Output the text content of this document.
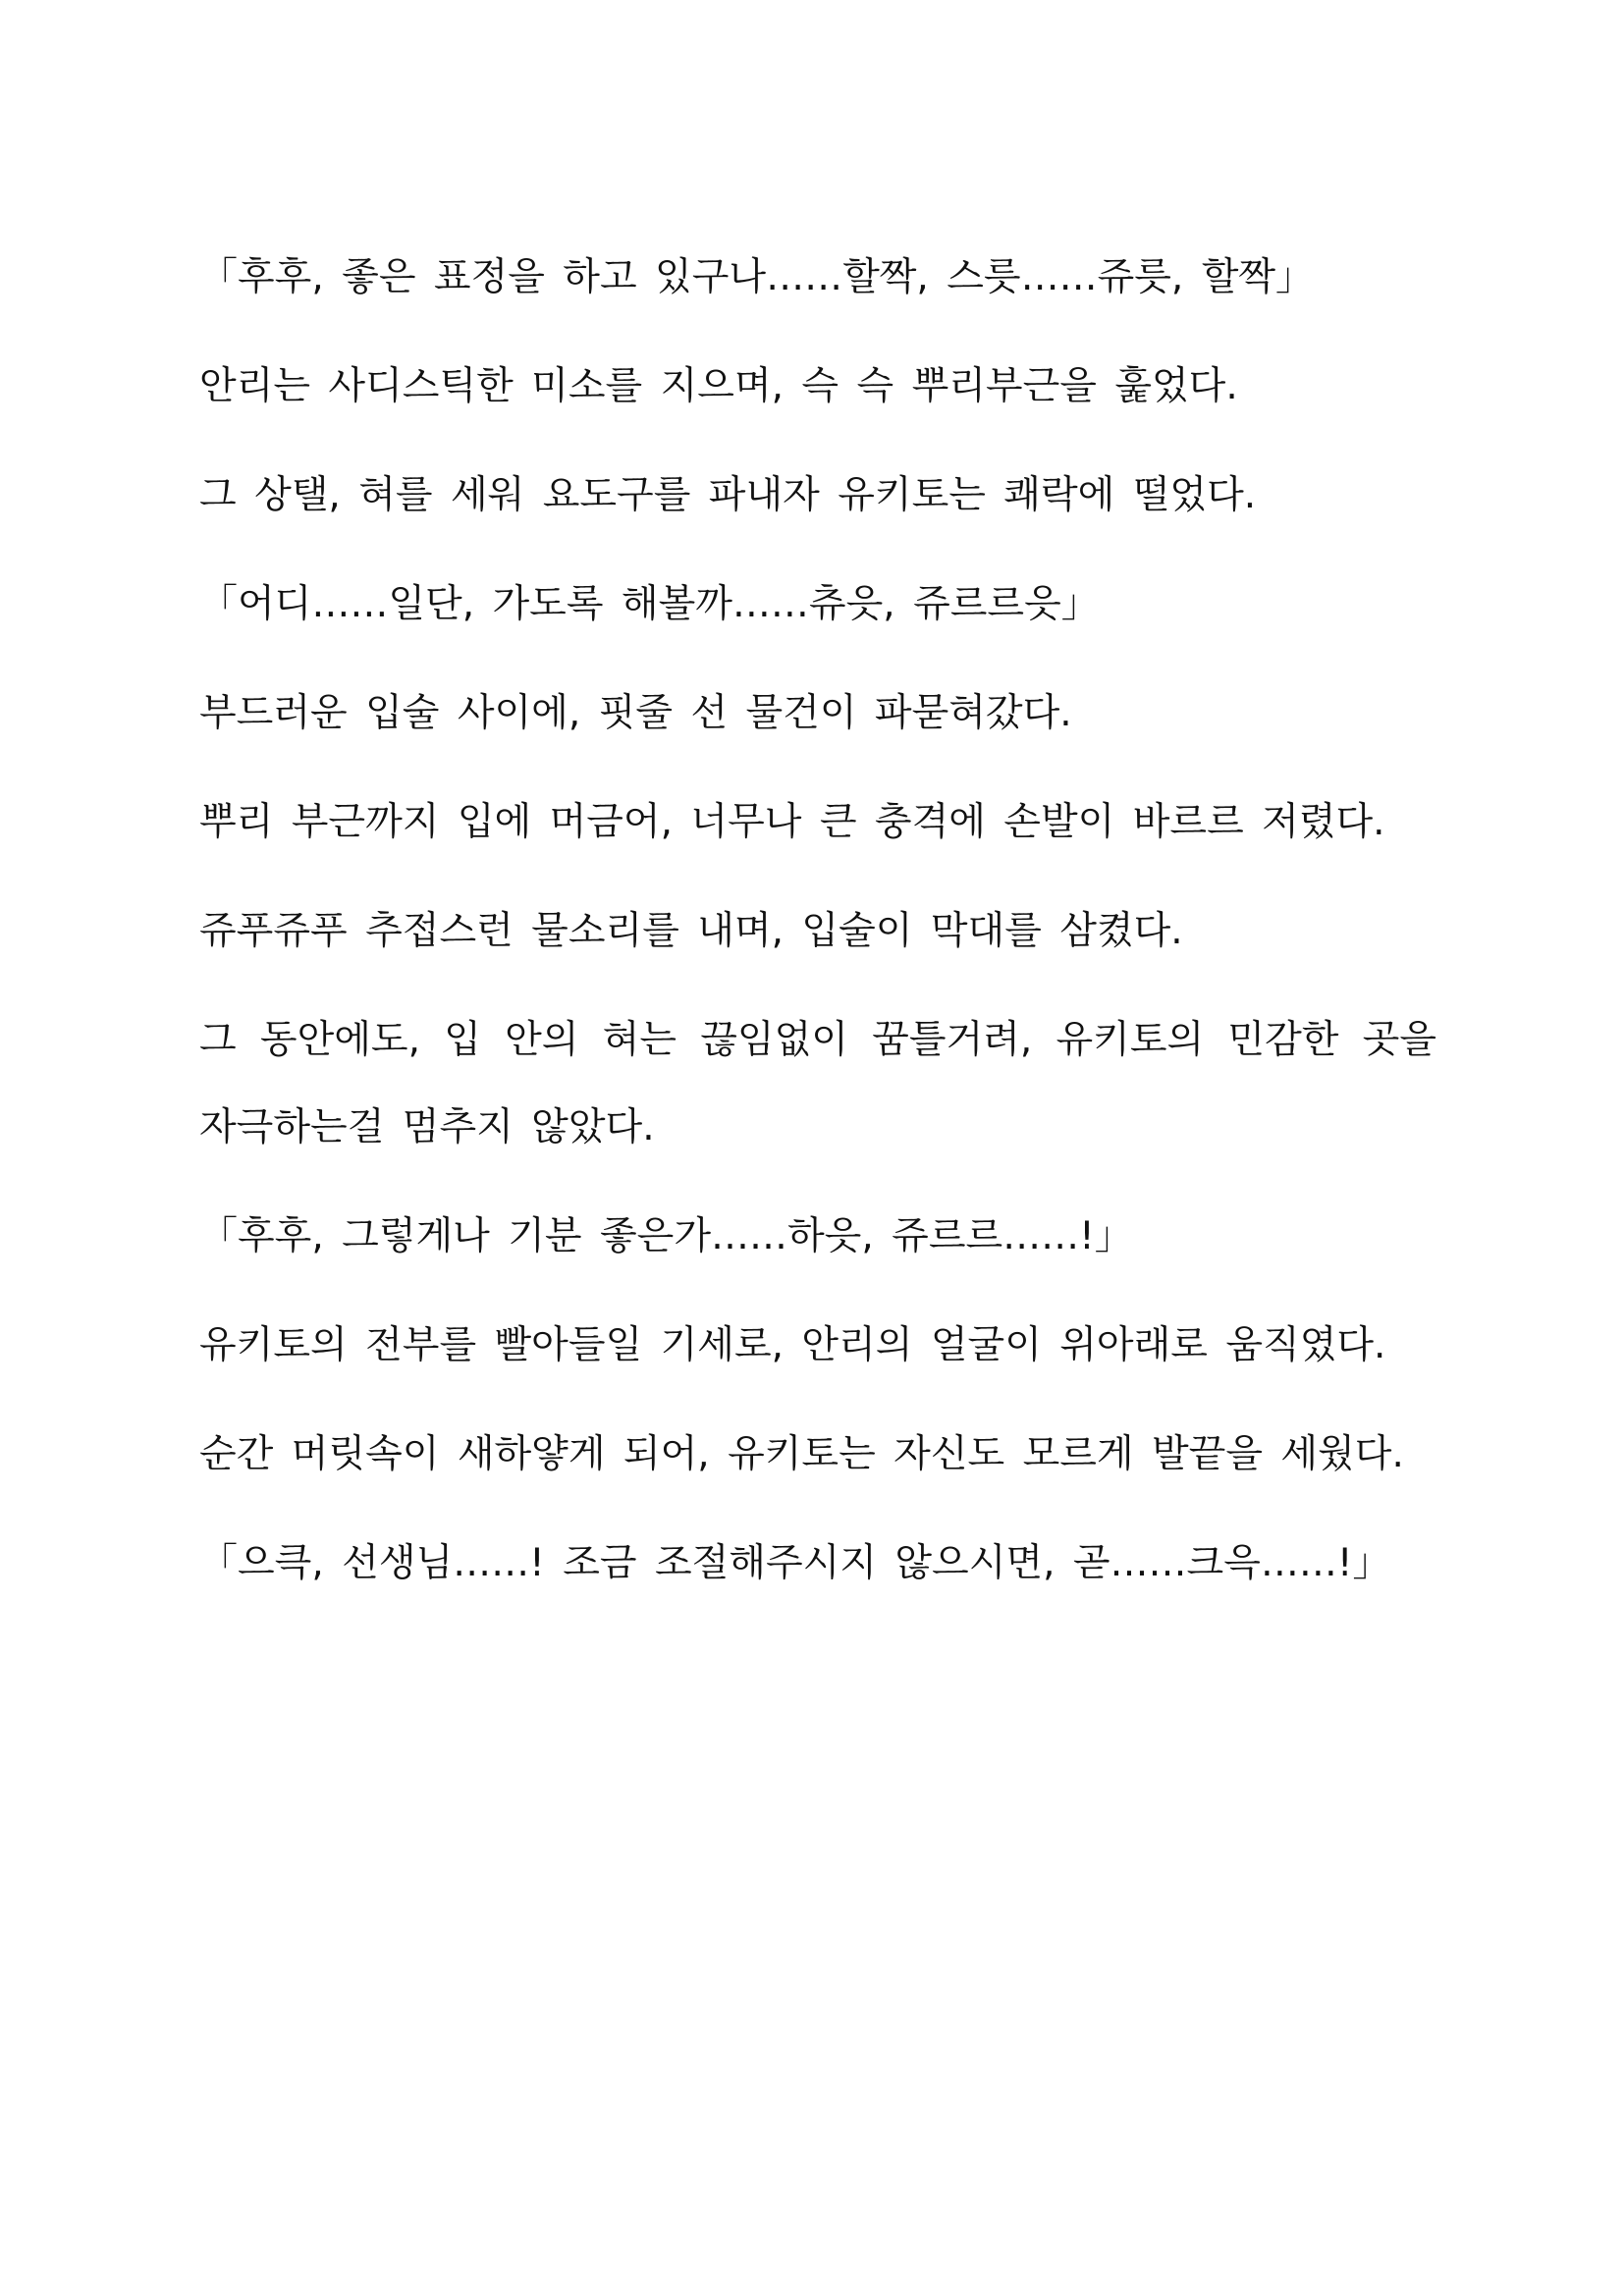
「후후, 좋은 표정을 하고 있구나……할짝, 스릇……쥬릇, 할짝」

안리는 사디스틱한 미소를 지으며, 슥 슥 뿌리부근을 훑었다.

그 상탤, 혀를 세워 요도구를 파내자 유키토는 쾌락에 떨었다.

「어디……일단, 가도록 해볼까……츄읏, 쥬르르읏」

부드러운 입술 사이에, 핏줄 선 물건이 파묻혀갔다.

뿌리 부근까지 입에 머금어, 너무나 큰 충격에 손발이 바르르 저렸다.

쥬푸쥬푸 추접스런 물소리를 내며, 입술이 막대를 삼켰다.

그 동안에도, 입 안의 혀는 끊임없이 꿈틀거려, 유키토의 민감한 곳을 자극하는걸 멈추지 않았다.

「후후, 그렇게나 기분 좋은가……하읏, 쥬르르……!」

유키토의 전부를 빨아들일 기세로, 안리의 얼굴이 위아래로 움직였다.

순간 머릿속이 새하얗게 되어, 유키토는 자신도 모르게 발끝을 세웠다.

「으큭, 선생님……! 조금 조절해주시지 않으시면, 곧……크윽……!」
